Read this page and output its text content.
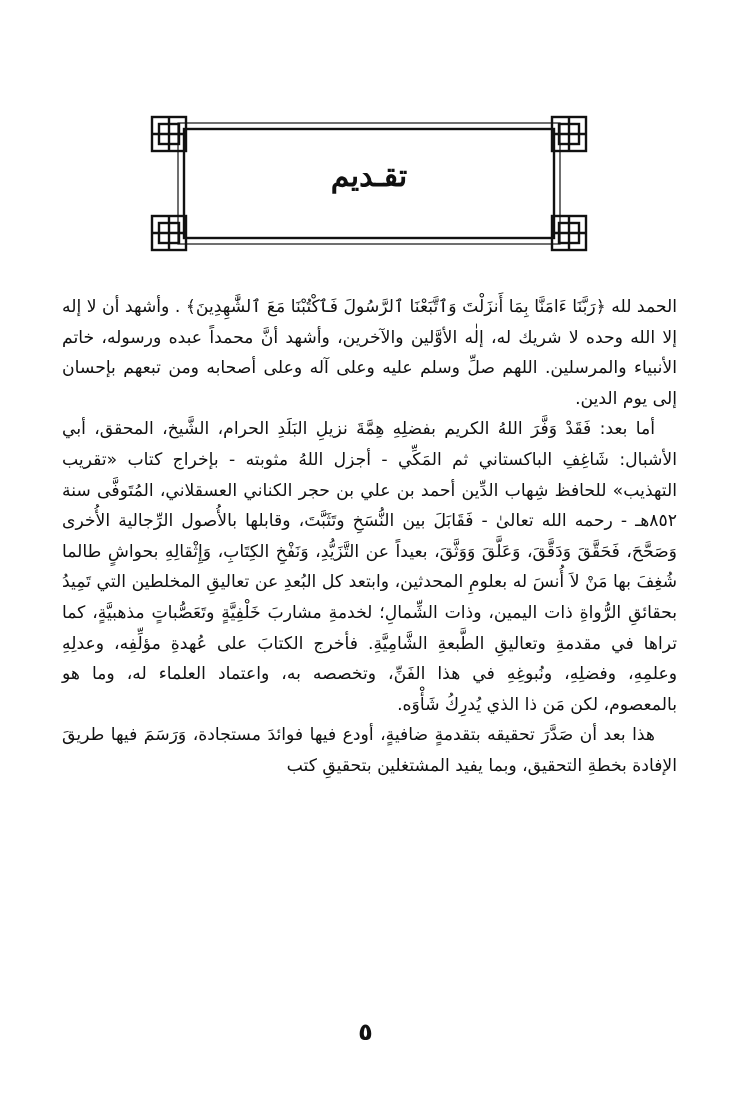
تقـديم

الحمد لله ﴿رَبَّنَا ءَامَنَّا بِمَا أَنزَلْتَ وَٱتَّبَعْنَا ٱلرَّسُولَ فَٱكْتُبْنَا مَعَ ٱلشَّٰهِدِينَ﴾ . وأشهد أن لا إله إلا الله وحده لا شريك له، إلٰه الأوَّلين والآخرين، وأشهد أنَّ محمداً عبده ورسوله، خاتم الأنبياء والمرسلين. اللهم صلِّ وسلم عليه وعلى آله وعلى أصحابه ومن تبعهم بإحسان إلى يوم الدين.

أما بعد: فَقَدْ وَفَّرَ اللهُ الكريم بفضلِهِ هِمَّةَ نزيلِ البَلَدِ الحرام، الشَّيخ، المحقق، أبي الأشبال: شَاغِفِ الباكستاني ثم المَكِّي - أجزل اللهُ مثوبته - بإخراج كتاب «تقريب التهذيب» للحافظ شِهاب الدِّين أحمد بن علي بن حجر الكناني العسقلاني، المُتَوفَّى سنة ٨٥٢هـ - رحمه الله تعالىٰ - فَقَابَلَ بين النُّسَخِ وتَثَبَّتَ، وقابلها بالأُصول الرِّجالية الأُخرى وَصَحَّحَ، فَحَقَّقَ وَدَقَّقَ، وَعَلَّقَ وَوَثَّقَ، بعيداً عن التَّزَيُّدِ، وَنَفْخِ الكِتَابِ، وَإِثْقالِهِ بحواشٍ طالما شُغِفَ بها مَنْ لاَ أُنسَ له بعلومِ المحدثين، وابتعد كل البُعدِ عن تعاليقِ المخلطين التي تَمِيدُ بحقائقِ الرُّواةِ ذات اليمين، وذات الشِّمالِ؛ لخدمةِ مشاربَ خَلْفِيَّةٍ وتَعَصُّباتٍ مذهبيَّةٍ، كما تراها في مقدمةِ وتعاليقِ الطَّبعةِ الشَّامِيَّةِ. فأخرج الكتابَ على عُهدةِ مؤلِّفِه، وعدلِهِ وعلمِهِ، وفضلِهِ، ونُبوغِهِ في هذا الفَنِّ، وتخصصه به، واعتماد العلماء له، وما هو بالمعصوم، لكن مَن ذا الذي يُدرِكُ شَأْوَه.

هذا بعد أن صَدَّرَ تحقيقه بتقدمةٍ ضافيةٍ، أودع فيها فوائدَ مستجادة، وَرَسَمَ فيها طريقَ الإفادة بخطةِ التحقيق، وبما يفيد المشتغلين بتحقيقِ كتب

٥
